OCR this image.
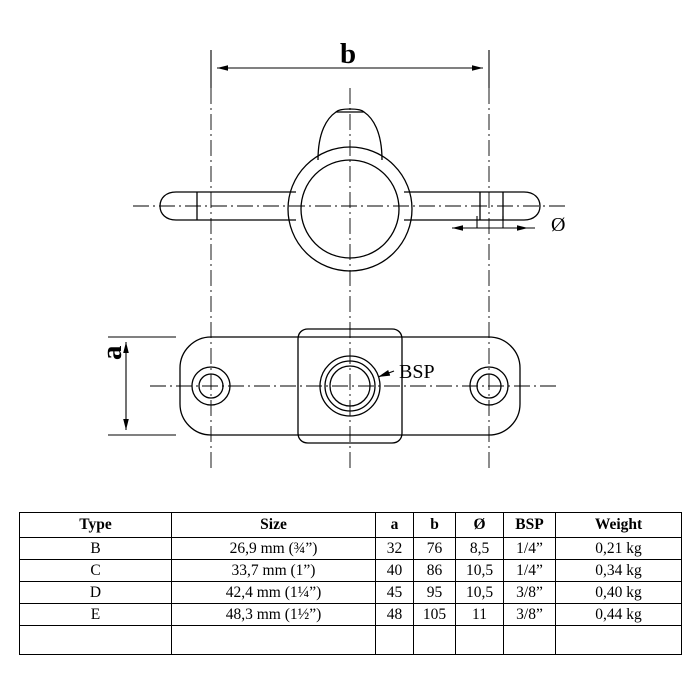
b
a
Ø
BSP
Type	Size	a	b	Ø	BSP	Weight
B	26,9 mm (¾”)	32	76	8,5	1/4”	0,21 kg
C	33,7 mm (1”)	40	86	10,5	1/4”	0,34 kg
D	42,4 mm (1¼”)	45	95	10,5	3/8”	0,40 kg
E	48,3 mm (1½”)	48	105	11	3/8”	0,44 kg
